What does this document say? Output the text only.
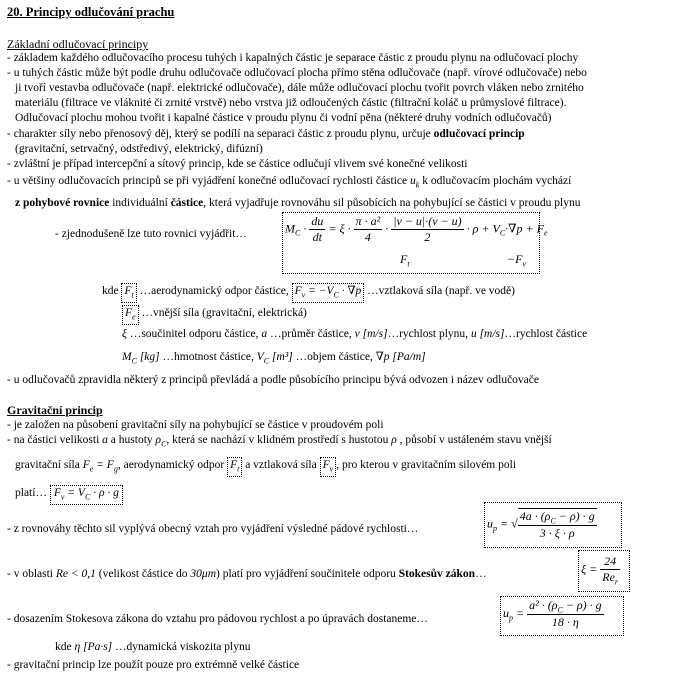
20. Principy odlučování prachu
Základní odlučovací principy
- základem každého odlučovacího procesu tuhých i kapalných částic je separace částic z proudu plynu na odlučovací plochy
- u tuhých částic může být podle druhu odlučovače odlučovací plocha přímo stěna odlučovače (např. vírové odlučovače) nebo
ji tvoří vestavba odlučovače (např. elektrické odlučovače), dále může odlučovací plochu tvořit povrch vláken nebo zrnitého
materiálu (filtrace ve vláknité či zrnité vrstvě) nebo vrstva již odloučených částic (filtrační koláč u průmyslové filtrace).
Odlučovací plochu mohou tvořit i kapalné částice v proudu plynu či vodní pěna (některé druhy vodních odlučovačů)
- charakter síly nebo přenosový děj, který se podílí na separaci částic z proudu plynu, určuje odlučovací princip
(gravitační, setrvačný, odstředivý, elektrický, difúzní)
- zvláštní je případ intercepční a sítový princip, kde se částice odlučují vlivem své konečné velikosti
- u většiny odlučovacích principů se při vyjádření konečné odlučovací rychlosti částice $u_k$ k odlučovacím plochám vychází
z pohybové rovnice individuální částice, která vyjadřuje rovnováhu sil působících na pohybující se částici v proudu plynu
- zjednodušeně lze tuto rovnici vyjádřit…	$M_C \cdot \frac{du}{dt} = \xi \cdot \frac{\text{π · a²}}{4} \cdot \frac{|v - u|\cdot(v - u)}{2} \cdot \rho + V_C\cdot\nabla p + F_e$
$F_t$	$-F_v$
kde $F_t$ …aerodynamický odpor částice, $F_v = -V_C \cdot \nabla p$ …vztlaková síla (např. ve vodě)
$F_e$ …vnější síla (gravitační, elektrická)
ξ …součinitel odporu částice, a …průměr částice, v [m/s]…rychlost plynu, u [m/s]…rychlost částice
$M_C$ [kg] …hmotnost částice, $V_C$ [m³] …objem částice, ∇p [Pa/m]
- u odlučovačů zpravidla některý z principů převládá a podle působícího principu bývá odvozen i název odlučovače
Gravitační princip
- je založen na působení gravitační síly na pohybující se částice v proudovém poli
- na částici velikosti a a hustoty $\rho_C$, která se nachází v klidném prostředí s hustotou ρ , působí v ustáleném stavu vnější
gravitační síla $F_e = F_g$, aerodynamický odpor $F_t$ a vztlaková síla $F_v$ , pro kterou v gravitačním silovém poli
platí… $F_v = V_C \cdot \rho \cdot g$
- z rovnováhy těchto sil vyplývá obecný vztah pro vyjádření výsledné pádové rychlosti…	$u_p$ = √ $\frac{4a \cdot (\rho_C - \rho) \cdot g}{3 \cdot \xi \cdot \rho}$
- v oblasti Re < 0,1 (velikost částice do 30μm) platí pro vyjádření součinitele odporu Stokesův zákon…	$\xi = \frac{24}{Re_r}$
- dosazením Stokesova zákona do vztahu pro pádovou rychlost a po úpravách dostaneme…	$u_p = \frac{a^2 \cdot (\rho_C - \rho) \cdot g}{18 \cdot \eta}$
kde η [Pa·s] …dynamická viskozita plynu
- gravitační princip lze použít pouze pro extrémně velké částice
